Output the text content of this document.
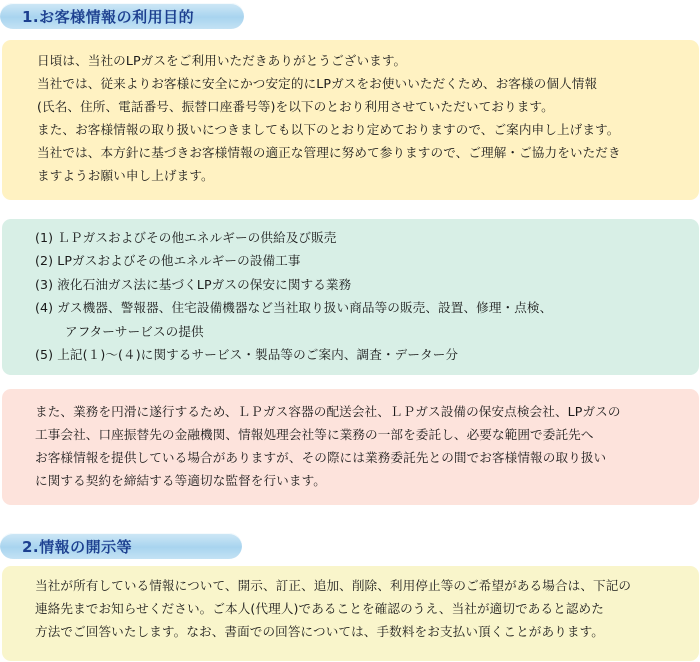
1.お客様情報の利用目的
日頃は、当社のLPガスをご利用いただきありがとうございます。
当社では、従来よりお客様に安全にかつ安定的にLPガスをお使いいただくため、お客様の個人情報
(氏名、住所、電話番号、振替口座番号等)を以下のとおり利用させていただいております。
また、お客様情報の取り扱いにつきましても以下のとおり定めておりますので、ご案内申し上げます。
当社では、本方針に基づきお客様情報の適正な管理に努めて参りますので、ご理解・ご協力をいただき
ますようお願い申し上げます。
(1) ＬＰガスおよびその他エネルギーの供給及び販売
(2) LPガスおよびその他エネルギーの設備工事
(3) 液化石油ガス法に基づくLPガスの保安に関する業務
(4) ガス機器、警報器、住宅設備機器など当社取り扱い商品等の販売、設置、修理・点検、
アフターサービスの提供
(5) 上記(１)〜(４)に関するサービス・製品等のご案内、調査・データー分
また、業務を円滑に遂行するため、ＬＰガス容器の配送会社、ＬＰガス設備の保安点検会社、LPガスの
工事会社、口座振替先の金融機関、情報処理会社等に業務の一部を委託し、必要な範囲で委託先へ
お客様情報を提供している場合がありますが、その際には業務委託先との間でお客様情報の取り扱い
に関する契約を締結する等適切な監督を行います。
2.情報の開示等
当社が所有している情報について、開示、訂正、追加、削除、利用停止等のご希望がある場合は、下記の
連絡先までお知らせください。ご本人(代理人)であることを確認のうえ、当社が適切であると認めた
方法でご回答いたします。なお、書面での回答については、手数料をお支払い頂くことがあります。
